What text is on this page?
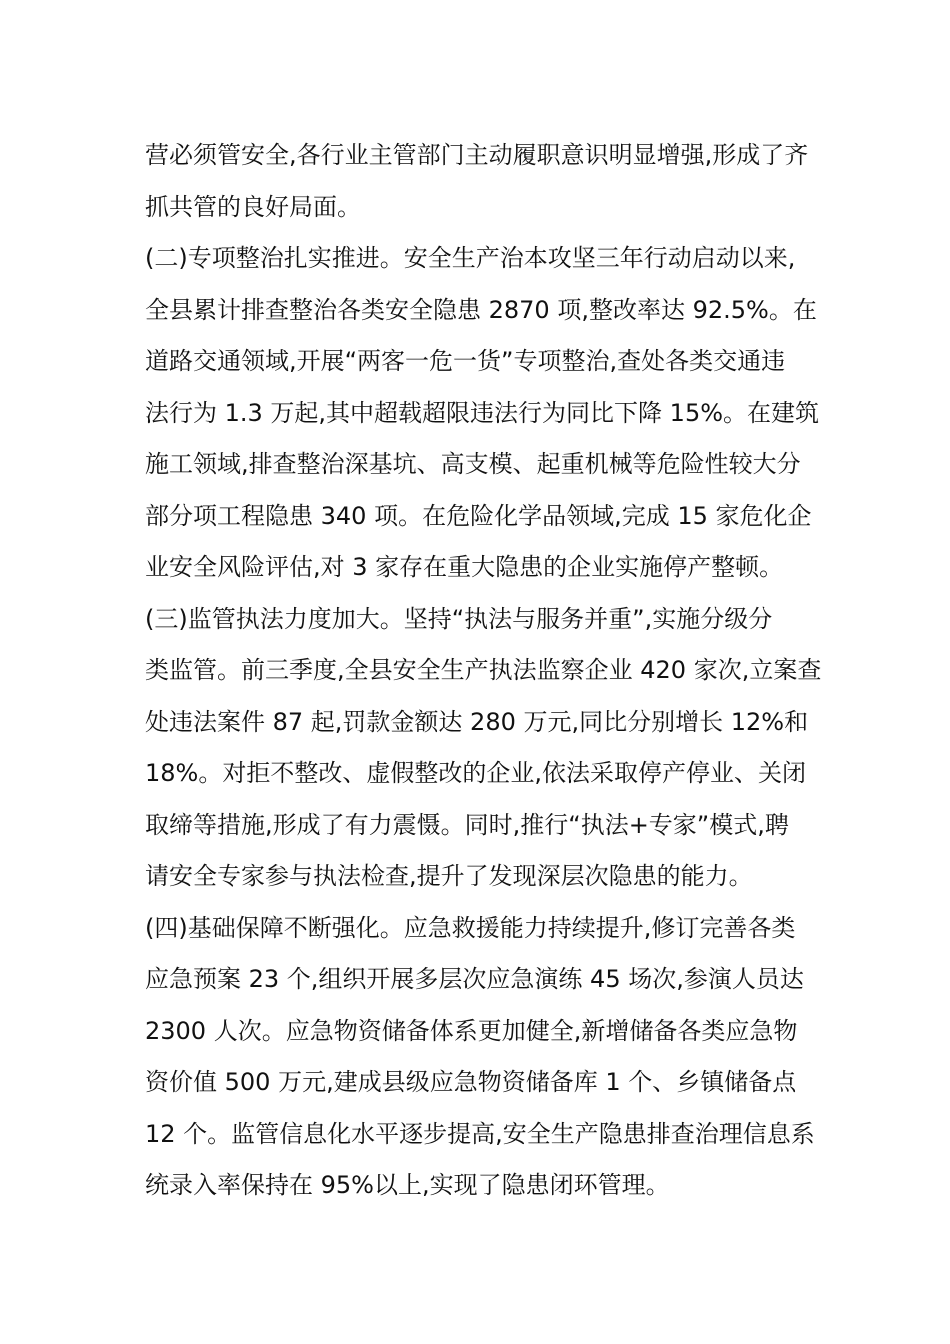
营必须管安全,各行业主管部门主动履职意识明显增强,形成了齐
抓共管的良好局面。
(二)专项整治扎实推进。安全生产治本攻坚三年行动启动以来,
全县累计排查整治各类安全隐患 2870 项,整改率达 92.5%。在
道路交通领域,开展“两客一危一货”专项整治,查处各类交通违
法行为 1.3 万起,其中超载超限违法行为同比下降 15%。在建筑
施工领域,排查整治深基坑、高支模、起重机械等危险性较大分
部分项工程隐患 340 项。在危险化学品领域,完成 15 家危化企
业安全风险评估,对 3 家存在重大隐患的企业实施停产整顿。
(三)监管执法力度加大。坚持“执法与服务并重”,实施分级分
类监管。前三季度,全县安全生产执法监察企业 420 家次,立案查
处违法案件 87 起,罚款金额达 280 万元,同比分别增长 12%和
18%。对拒不整改、虚假整改的企业,依法采取停产停业、关闭
取缔等措施,形成了有力震慑。同时,推行“执法+专家”模式,聘
请安全专家参与执法检查,提升了发现深层次隐患的能力。
(四)基础保障不断强化。应急救援能力持续提升,修订完善各类
应急预案 23 个,组织开展多层次应急演练 45 场次,参演人员达
2300 人次。应急物资储备体系更加健全,新增储备各类应急物
资价值 500 万元,建成县级应急物资储备库 1 个、乡镇储备点
12 个。监管信息化水平逐步提高,安全生产隐患排查治理信息系
统录入率保持在 95%以上,实现了隐患闭环管理。
